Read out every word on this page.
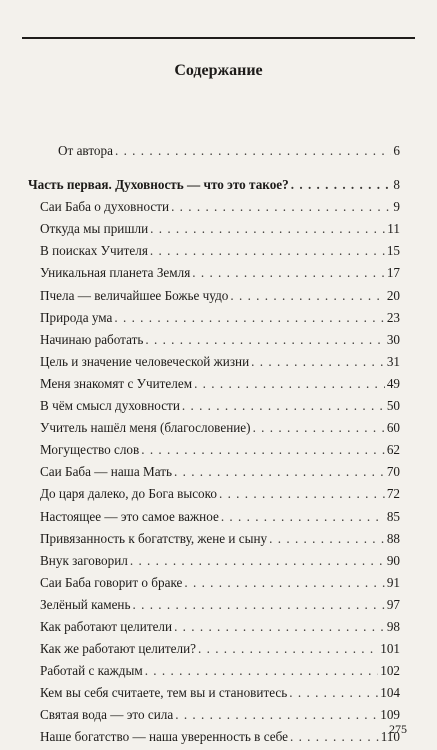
Содержание
От автора . . .	6
Часть первая. Духовность — что это такое? . . .	8
Саи Баба о духовности . . .	9
Откуда мы пришли . . .	11
В поисках Учителя . . .	15
Уникальная планета Земля . . .	17
Пчела — величайшее Божье чудо . . .	20
Природа ума . . .	23
Начинаю работать . . .	30
Цель и значение человеческой жизни . . .	31
Меня знакомят с Учителем . . .	49
В чём смысл духовности . . .	50
Учитель нашёл меня (благословение) . . .	60
Могущество слов . . .	62
Саи Баба — наша Мать . . .	70
До царя далеко, до Бога высоко . . .	72
Настоящее — это самое важное . . .	85
Привязанность к богатству, жене и сыну . . .	88
Внук заговорил . . .	90
Саи Баба говорит о браке . . .	91
Зелёный камень . . .	97
Как работают целители . . .	98
Как же работают целители? . . .	101
Работай с каждым . . .	102
Кем вы себя считаете, тем вы и становитесь . . .	104
Святая вода — это сила . . .	109
Наше богатство — наша уверенность в себе . . .	110
275
